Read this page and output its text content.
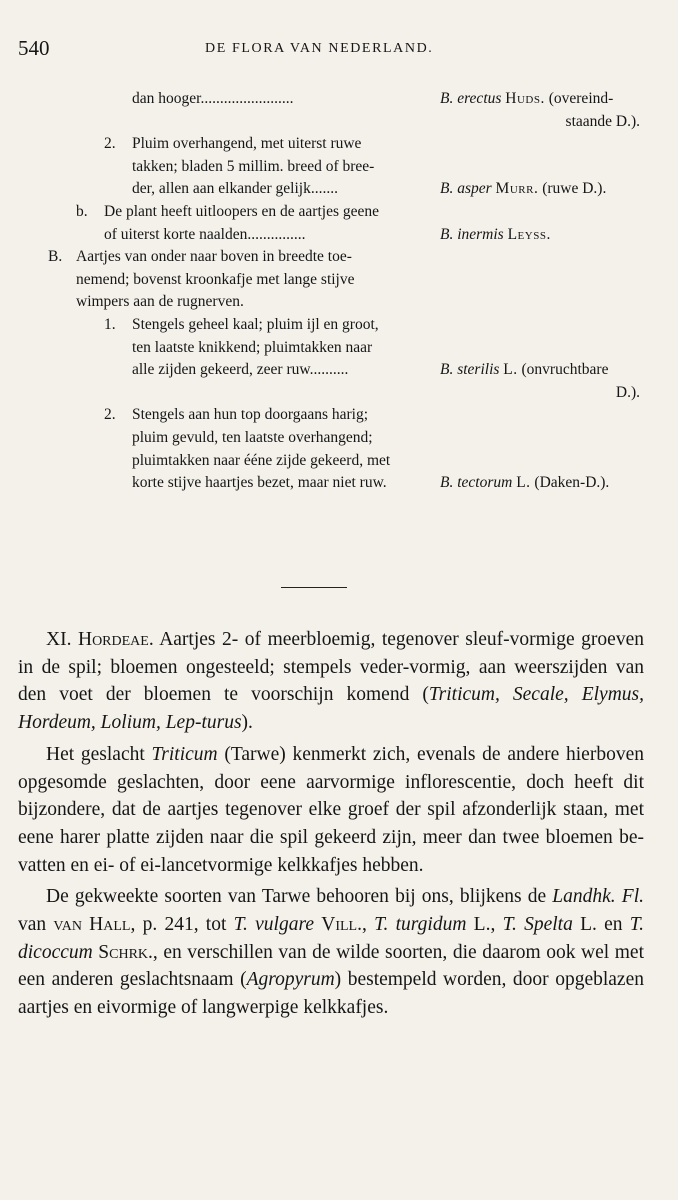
540	DE FLORA VAN NEDERLAND.
dan hooger........................	B. erectus Huds. (overeind-
staande D.).
2. Pluim overhangend, met uiterst ruwe
takken; bladen 5 millim. breed of bree-
der, allen aan elkander gelijk.......	B. asper Murr. (ruwe D.).
b. De plant heeft uitloopers en de aartjes geene
of uiterst korte naalden...............	B. inermis Leyss.
B. Aartjes van onder naar boven in breedte toe-
nemend; bovenst kroonkafje met lange stijve
wimpers aan de rugnerven.
1. Stengels geheel kaal; pluim ijl en groot,
ten laatste knikkend; pluimtakken naar
alle zijden gekeerd, zeer ruw..........	B. sterilis L. (onvruchtbare
D.).
2. Stengels aan hun top doorgaans harig;
pluim gevuld, ten laatste overhangend;
pluimtakken naar ééne zijde gekeerd, met
korte stijve haartjes bezet, maar niet ruw.	B. tectorum L. (Daken-D.).

XI. Hordeae. Aartjes 2- of meerbloemig, tegenover sleuf-vormige groeven in de spil; bloemen ongesteeld; stempels veder-vormig, aan weerszijden van den voet der bloemen te voorschijn komend (Triticum, Secale, Elymus, Hordeum, Lolium, Lep-turus).

Het geslacht Triticum (Tarwe) kenmerkt zich, evenals de andere hierboven opgesomde geslachten, door eene aarvormige inflorescentie, doch heeft dit bijzondere, dat de aartjes tegenover elke groef der spil afzonderlijk staan, met eene harer platte zijden naar die spil gekeerd zijn, meer dan twee bloemen be-vatten en ei- of ei-lancetvormige kelkkafjes hebben.

De gekweekte soorten van Tarwe behooren bij ons, blijkens de Landhk. Fl. van van Hall, p. 241, tot T. vulgare Vill., T. turgidum L., T. Spelta L. en T. dicoccum Schrk., en verschillen van de wilde soorten, die daarom ook wel met een anderen geslachtsnaam (Agropyrum) bestempeld worden, door opgeblazen aartjes en eivormige of langwerpige kelkkafjes.
